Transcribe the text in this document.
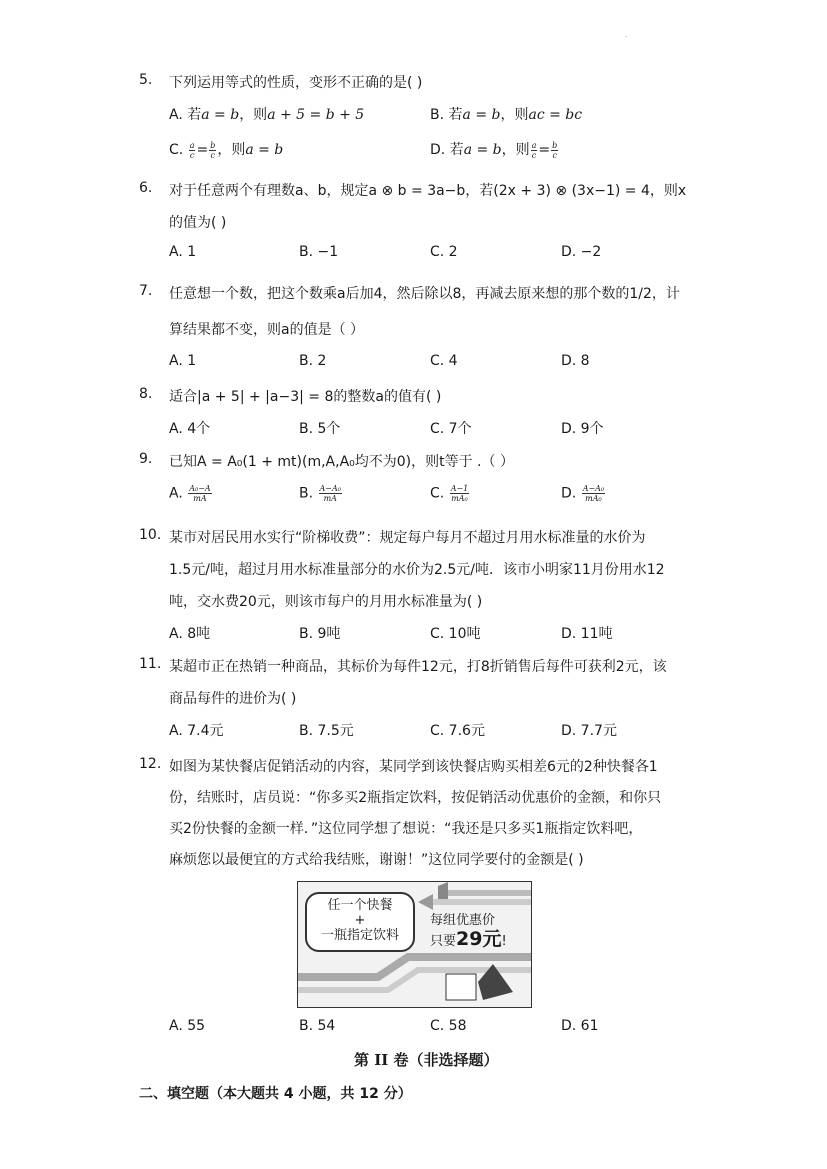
.
5. 下列运用等式的性质，变形不正确的是( )
A. 若a = b，则a + 5 = b + 5	B. 若a = b，则ac = bc
C. $\frac{a}{c} = \frac{b}{c}$ ，则a = b	D. 若a = b，则 $\frac{a}{c} = \frac{b}{c}$
6. 对于任意两个有理数a、b，规定a ⊗ b = 3a−b，若(2x + 3) ⊗ (3x−1) = 4，则x
的值为( )
A. 1	B. −1	C. 2	D. −2
7. 任意想一个数，把这个数乘a后加4，然后除以8，再减去原来想的那个数的1/2，计
算结果都不变，则a的值是（ ）
A. 1	B. 2	C. 4	D. 8
8. 适合|a + 5| + |a−3| = 8的整数a的值有( )
A. 4个	B. 5个	C. 7个	D. 9个
9. 已知A = A₀(1 + mt)(m,A,A₀均不为0)，则t等于 .（ ）
A. $\frac{\text{A₀−A}}{mA}$	B. $\frac{\text{A−A₀}}{mA}$	C. $\frac{A-1}{\text{mA₀}}$	D. $\frac{\text{A−A₀}}{\text{mA₀}}$
10. 某市对居民用水实行“阶梯收费”：规定每户每月不超过月用水标准量的水价为
1.5元/吨，超过月用水标准量部分的水价为2.5元/吨．该市小明家11月份用水12
吨，交水费20元，则该市每户的月用水标准量为( )
A. 8吨	B. 9吨	C. 10吨	D. 11吨
11. 某超市正在热销一种商品，其标价为每件12元，打8折销售后每件可获利2元，该
商品每件的进价为( )
A. 7.4元	B. 7.5元	C. 7.6元	D. 7.7元
12. 如图为某快餐店促销活动的内容，某同学到该快餐店购买相差6元的2种快餐各1
份，结账时，店员说：“你多买2瓶指定饮料，按促销活动优惠价的金额，和你只
买2份快餐的金额一样．”这位同学想了想说：“我还是只多买1瓶指定饮料吧，
麻烦您以最便宜的方式给我结账，谢谢！”这位同学要付的金额是( )
任一个快餐
+
一瓶指定饮料
每组优惠价
只要29元!
A. 55	B. 54	C. 58	D. 61
第 II 卷（非选择题）
二、填空题（本大题共 4 小题，共 12 分）
